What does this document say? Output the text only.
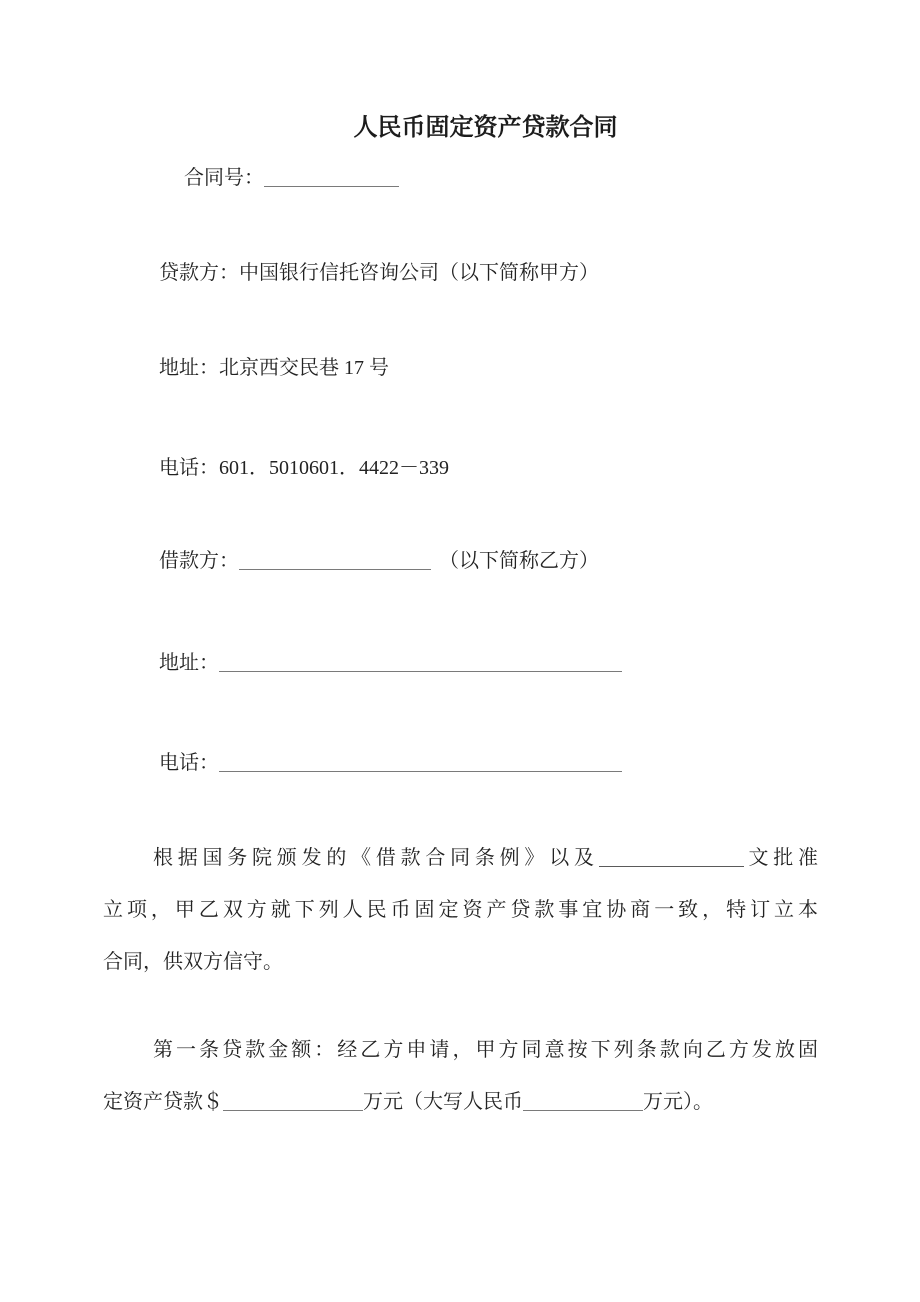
人民币固定资产贷款合同
合同号：
贷款方：中国银行信托咨询公司（以下简称甲方）
地址：北京西交民巷 17 号
电话：601．5010601．4422－339
借款方：	（以下简称乙方）
地址：
电话：
根据国务院颁发的《借款合同条例》以及	文批准
立项，甲乙双方就下列人民币固定资产贷款事宜协商一致，特订立本
合同，供双方信守。
第一条贷款金额：经乙方申请，甲方同意按下列条款向乙方发放固
定资产贷款＄	万元（大写人民币	万元）。
